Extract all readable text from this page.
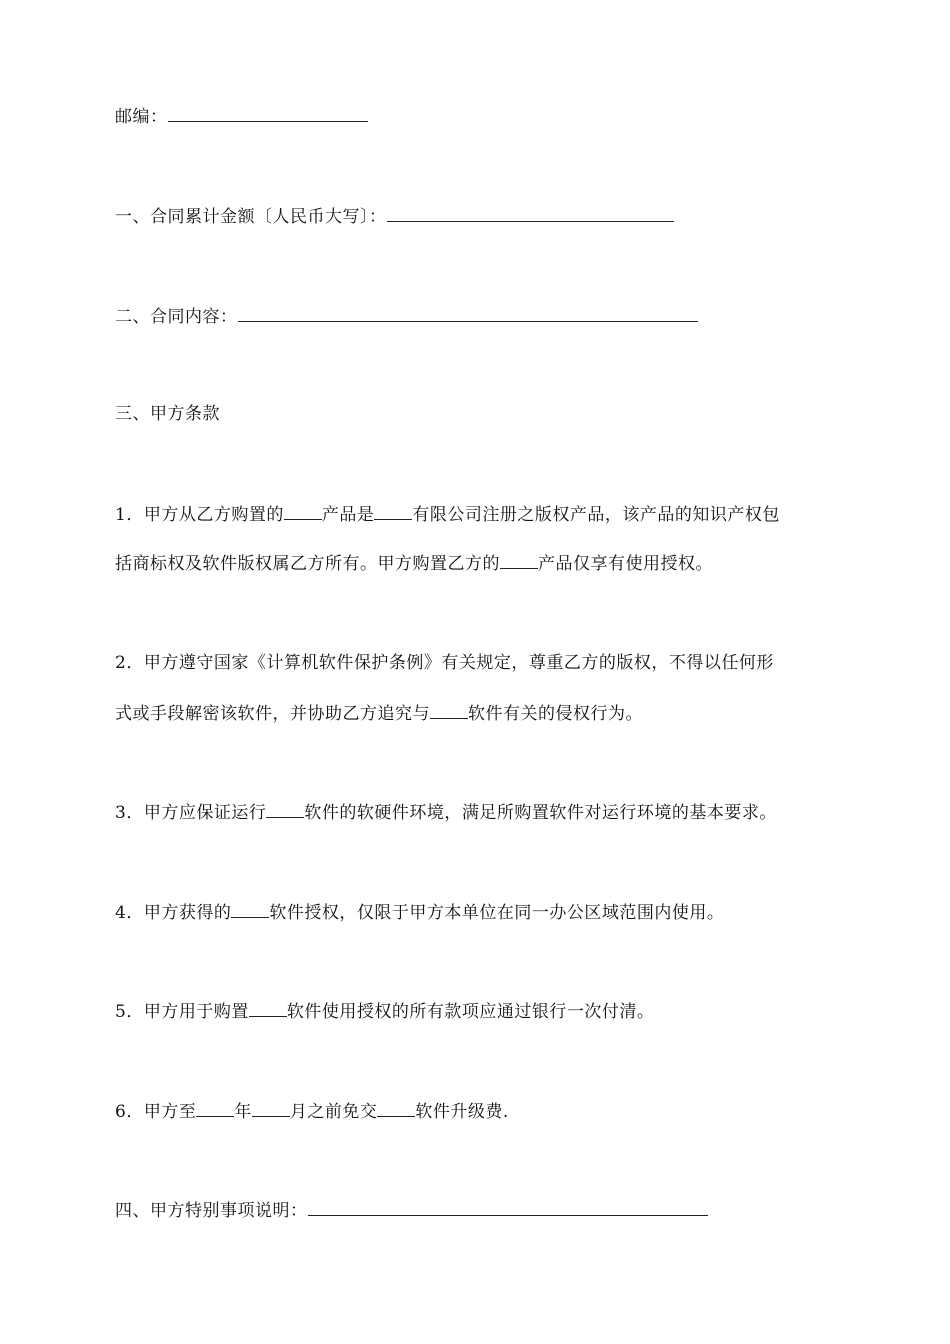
邮编：
一、合同累计金额〔人民币大写〕：
二、合同内容：
三、甲方条款
1．甲方从乙方购置的 产品是 有限公司注册之版权产品，该产品的知识产权包
括商标权及软件版权属乙方所有。甲方购置乙方的 产品仅享有使用授权。
2．甲方遵守国家《计算机软件保护条例》有关规定，尊重乙方的版权，不得以任何形
式或手段解密该软件，并协助乙方追究与 软件有关的侵权行为。
3．甲方应保证运行 软件的软硬件环境，满足所购置软件对运行环境的基本要求。
4．甲方获得的 软件授权，仅限于甲方本单位在同一办公区域范围内使用。
5．甲方用于购置 软件使用授权的所有款项应通过银行一次付清。
6．甲方至 年 月之前免交 软件升级费.
四、甲方特别事项说明：
